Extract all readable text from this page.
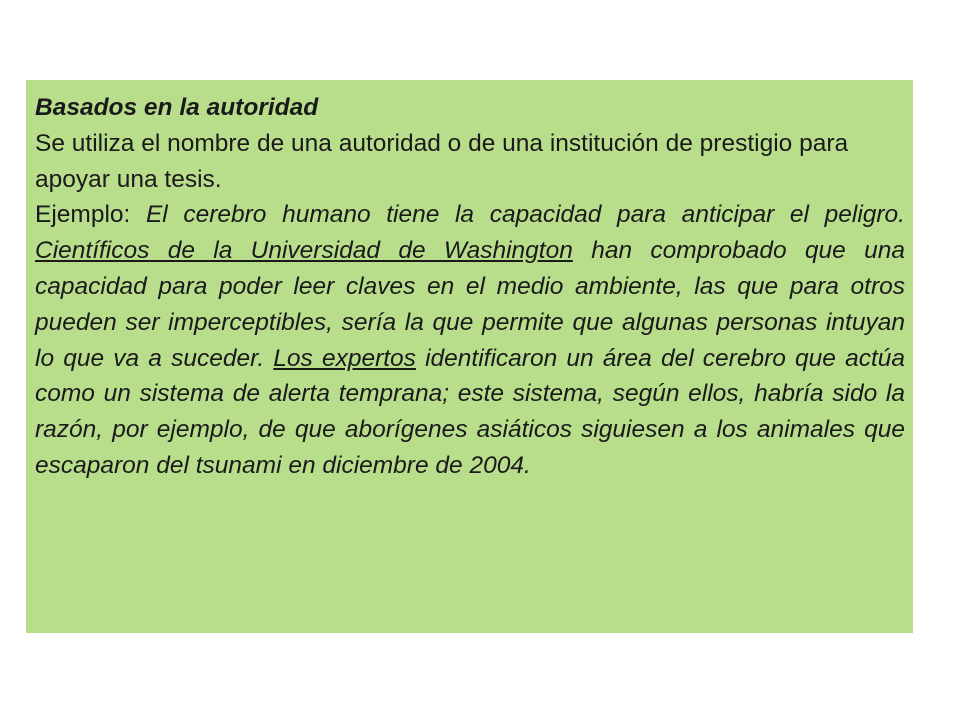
Basados en la autoridad

Se utiliza el nombre de una autoridad o de una institución de prestigio para apoyar una tesis.

Ejemplo: El cerebro humano tiene la capacidad para anticipar el peligro. Científicos de la Universidad de Washington han comprobado que una capacidad para poder leer claves en el medio ambiente, las que para otros pueden ser imperceptibles, sería la que permite que algunas personas intuyan lo que va a suceder. Los expertos identificaron un área del cerebro que actúa como un sistema de alerta temprana; este sistema, según ellos, habría sido la razón, por ejemplo, de que aborígenes asiáticos siguiesen a los animales que escaparon del tsunami en diciembre de 2004.
